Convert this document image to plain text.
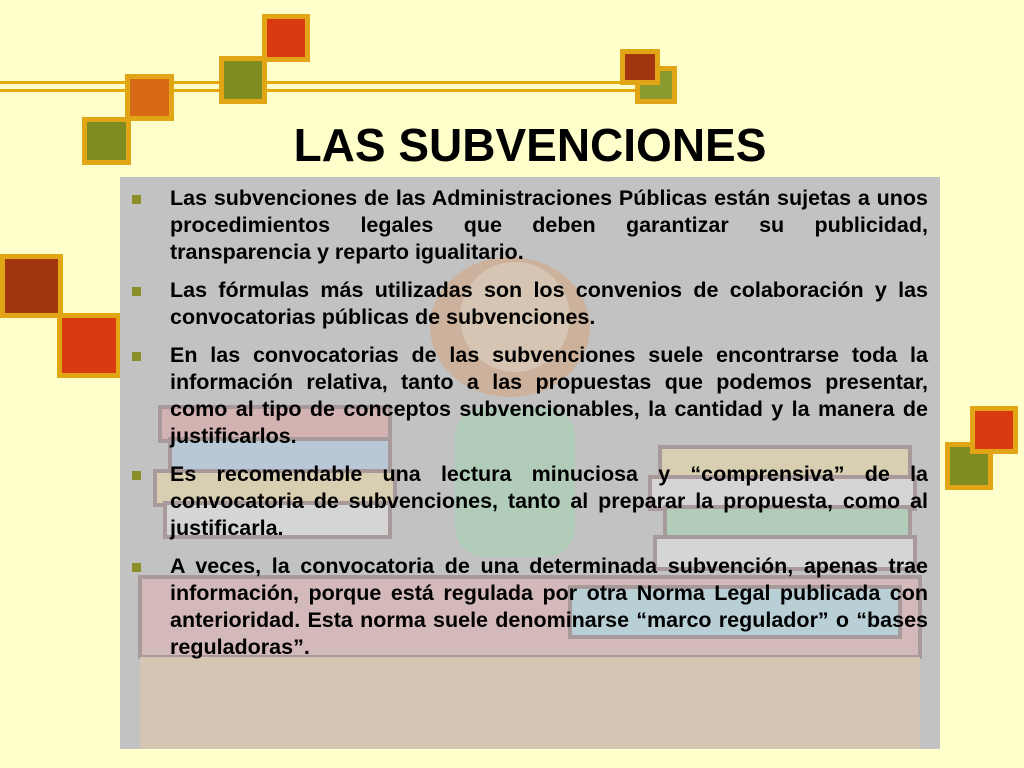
LAS SUBVENCIONES
Las subvenciones de las Administraciones Públicas están sujetas a unos procedimientos legales que deben garantizar su publicidad, transparencia y reparto igualitario.
Las fórmulas más utilizadas son los convenios de colaboración y las convocatorias públicas de subvenciones.
En las convocatorias de las subvenciones suele encontrarse toda la información relativa, tanto a las propuestas que podemos presentar, como al tipo de conceptos subvencionables, la cantidad y la manera de justificarlos.
Es recomendable una lectura minuciosa y “comprensiva” de la convocatoria de subvenciones, tanto al preparar la propuesta, como al justificarla.
A veces, la convocatoria de una determinada subvención, apenas trae información, porque está regulada por otra Norma Legal publicada con anterioridad. Esta norma suele denominarse “marco regulador” o “bases reguladoras”.
